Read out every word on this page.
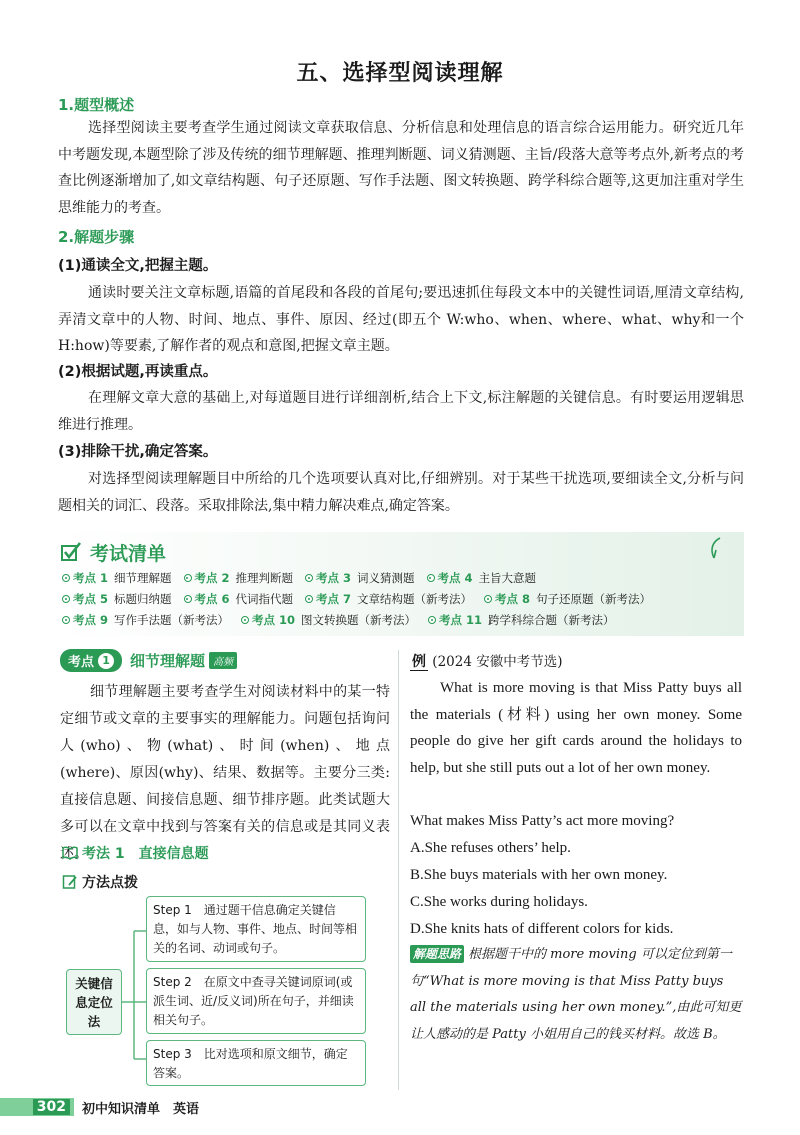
五、选择型阅读理解
1.题型概述
选择型阅读主要考查学生通过阅读文章获取信息、分析信息和处理信息的语言综合运用能力。研究近几年中考题发现,本题型除了涉及传统的细节理解题、推理判断题、词义猜测题、主旨/段落大意等考点外,新考点的考查比例逐渐增加了,如文章结构题、句子还原题、写作手法题、图文转换题、跨学科综合题等,这更加注重对学生思维能力的考查。
2.解题步骤
(1)通读全文,把握主题。
通读时要关注文章标题,语篇的首尾段和各段的首尾句;要迅速抓住每段文本中的关键性词语,厘清文章结构,弄清文章中的人物、时间、地点、事件、原因、经过(即五个 W:who、when、where、what、why和一个 H:how)等要素,了解作者的观点和意图,把握文章主题。
(2)根据试题,再读重点。
在理解文章大意的基础上,对每道题目进行详细剖析,结合上下文,标注解题的关键信息。有时要运用逻辑思维进行推理。
(3)排除干扰,确定答案。
对选择型阅读理解题目中所给的几个选项要认真对比,仔细辨别。对于某些干扰选项,要细读全文,分析与问题相关的词汇、段落。采取排除法,集中精力解决难点,确定答案。
考试清单
考点 1 细节理解题 考点 2 推理判断题 考点 3 词义猜测题 考点 4 主旨大意题
考点 5 标题归纳题 考点 6 代词指代题 考点 7 文章结构题（新考法） 考点 8 句子还原题（新考法）
考点 9 写作手法题（新考法） 考点 10 图文转换题（新考法） 考点 11 跨学科综合题（新考法）
考点 1 细节理解题 高频
细节理解题主要考查学生对阅读材料中的某一特定细节或文章的主要事实的理解能力。问题包括询问人(who)、物(what)、时间(when)、地点(where)、原因(why)、结果、数据等。主要分三类:直接信息题、间接信息题、细节排序题。此类试题大多可以在文章中找到与答案有关的信息或是其同义表述。
考法 1 直接信息题
方法点拨
关键信息定位法
Step 1　通过题干信息确定关键信息，如与人物、事件、地点、时间等相关的名词、动词或句子。
Step 2　在原文中查寻关键词原词(或派生词、近/反义词)所在句子，并细读相关句子。
Step 3　比对选项和原文细节，确定答案。
例 (2024 安徽中考节选)
What is more moving is that Miss Patty buys all the materials (材料) using her own money. Some people do give her gift cards around the holidays to help, but she still puts out a lot of her own money.
What makes Miss Patty’s act more moving?
A.She refuses others’ help.
B.She buys materials with her own money.
C.She works during holidays.
D.She knits hats of different colors for kids.
解题思路 根据题干中的 more moving 可以定位到第一句“What is more moving is that Miss Patty buys all the materials using her own money.”,由此可知更让人感动的是 Patty 小姐用自己的钱买材料。故选 B。
302	初中知识清单　英语
